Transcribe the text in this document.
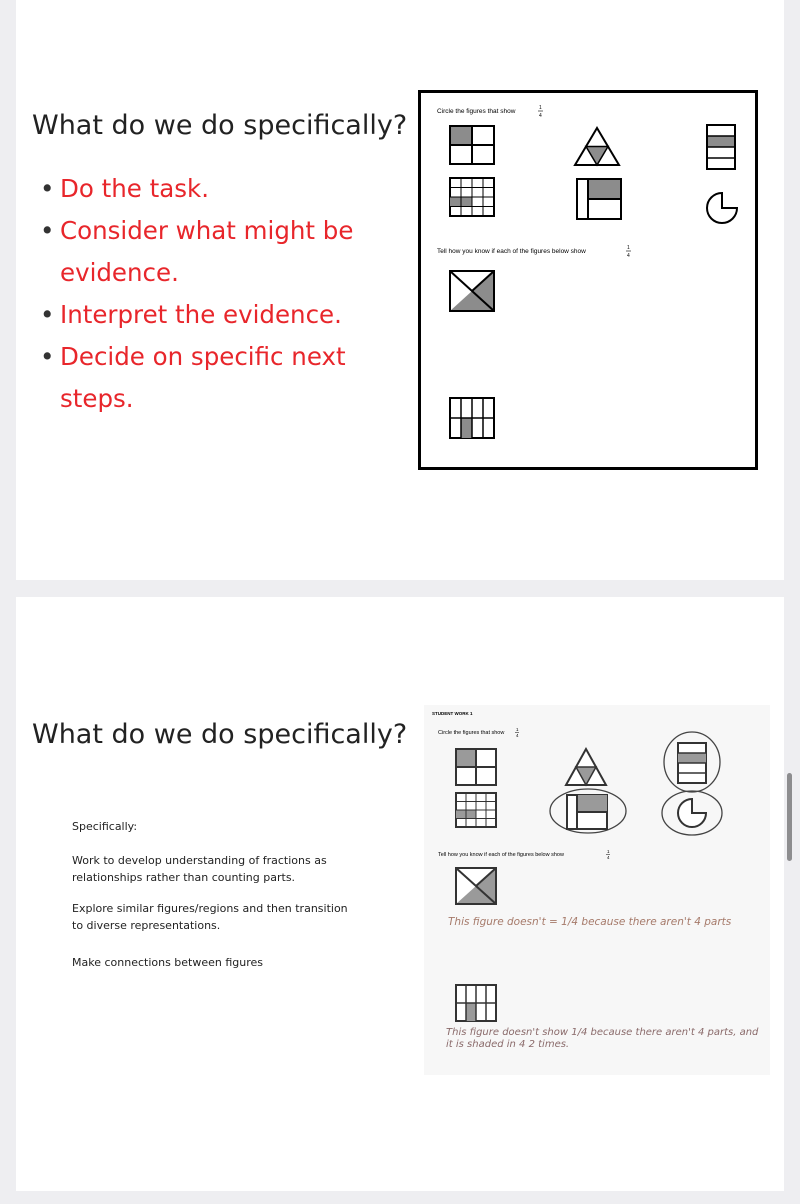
What do we do specifically?
• Do the task.
• Consider what might be evidence.
• Interpret the evidence.
• Decide on specific next steps.
Circle the figures that show	1
4
Tell how you know if each of the figures below show	1
4
What do we do specifically?
Specifically:
Work to develop understanding of fractions as relationships rather than counting parts.
Explore similar figures/regions and then transition to diverse representations.
Make connections between figures
STUDENT WORK 1
Circle the figures that show
1
4
Tell how you know if each of the figures below show
1
4
This figure doesn't = 1/4 because there aren't 4 parts
This figure doesn't show 1/4 because there aren't 4 parts, and it is shaded in 4 2 times.
